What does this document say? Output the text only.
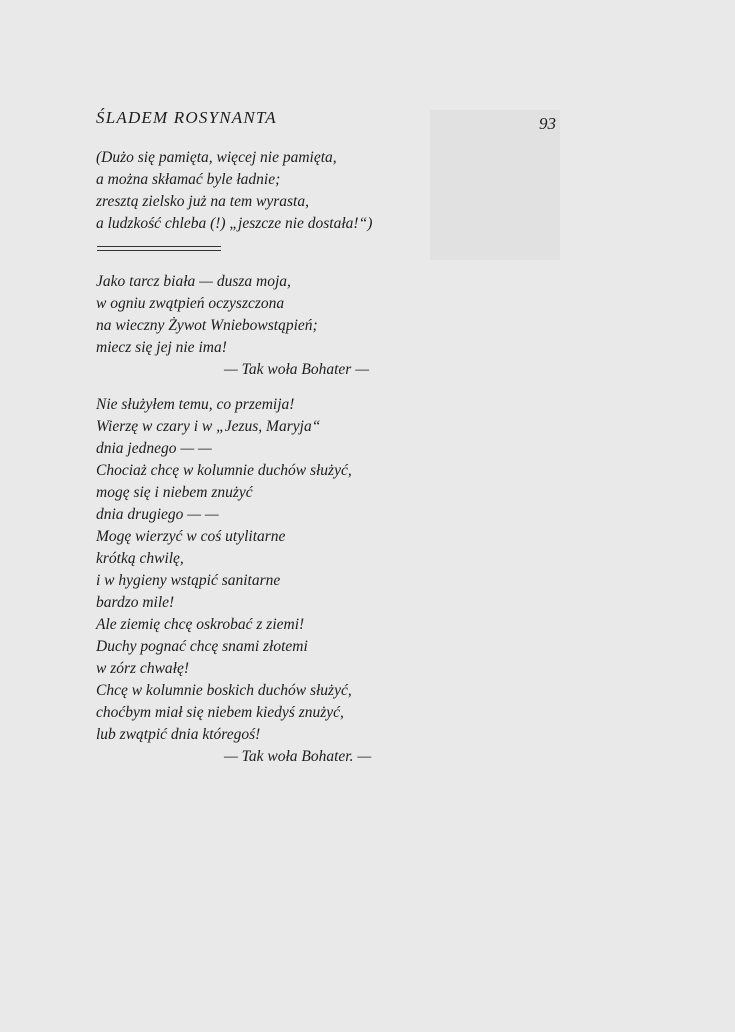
ŚLADEM ROSYNANTA	93
(Dużo się pamięta, więcej nie pamięta,
a można skłamać byle ładnie;
zresztą zielsko już na tem wyrasta,
a ludzkość chleba (!) „jeszcze nie dostała!“)
Jako tarcz biała — dusza moja,
w ogniu zwątpień oczyszczona
na wieczny Żywot Wniebowstąpień;
miecz się jej nie ima!
— Tak woła Bohater —
Nie służyłem temu, co przemija!
Wierzę w czary i w „Jezus, Maryja“
dnia jednego — —
Chociaż chcę w kolumnie duchów służyć,
mogę się i niebem znużyć
dnia drugiego — —
Mogę wierzyć w coś utylitarne
krótką chwilę,
i w hygieny wstąpić sanitarne
bardzo mile!
Ale ziemię chcę oskrobać z ziemi!
Duchy pognać chcę snami złotemi
w zórz chwałę!
Chcę w kolumnie boskich duchów służyć,
choćbym miał się niebem kiedyś znużyć,
lub zwątpić dnia któregoś!
— Tak woła Bohater. —
